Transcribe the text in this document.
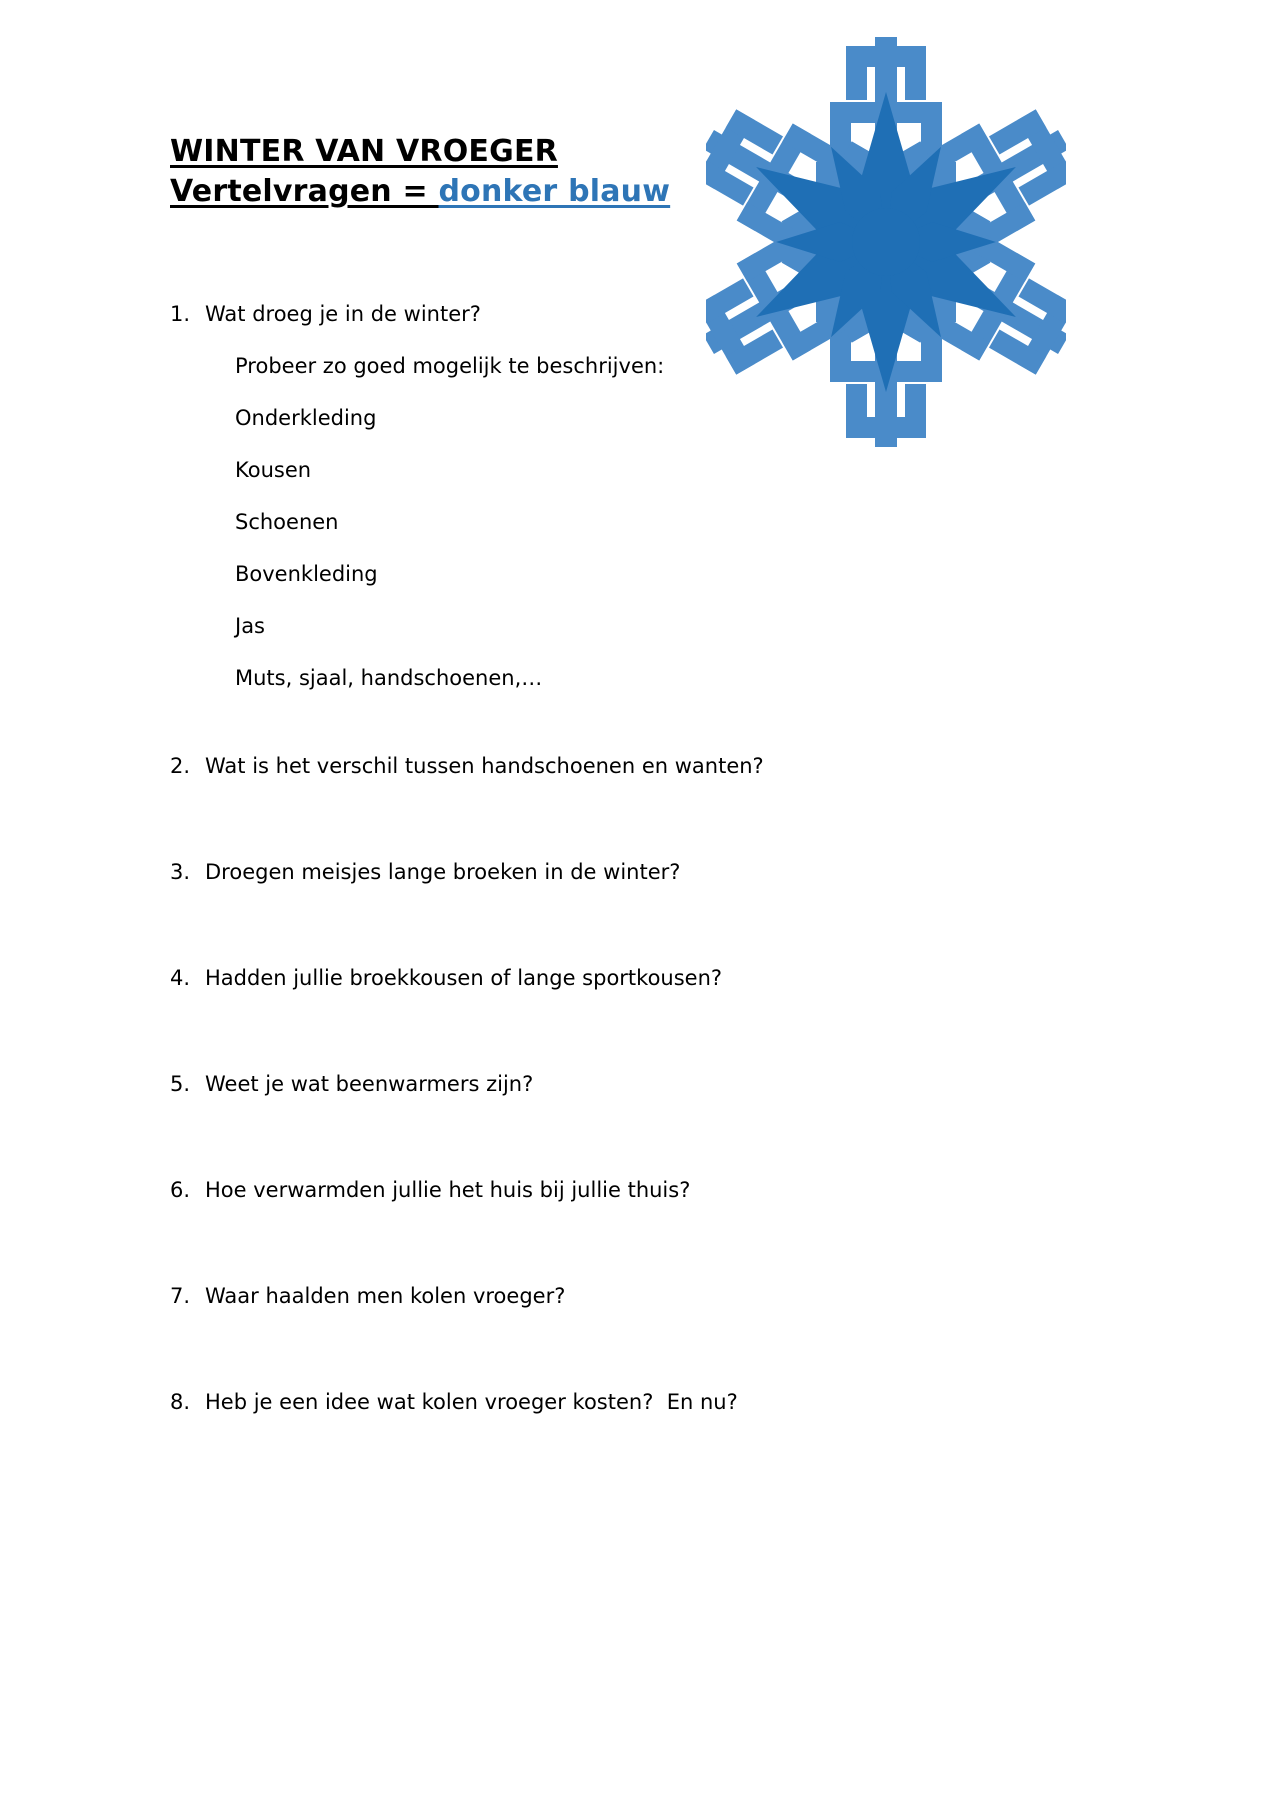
WINTER VAN VROEGER
Vertelvragen = donker blauw
1. Wat droeg je in de winter?
Probeer zo goed mogelijk te beschrijven:
Onderkleding
Kousen
Schoenen
Bovenkleding
Jas
Muts, sjaal, handschoenen,…
2. Wat is het verschil tussen handschoenen en wanten?
3. Droegen meisjes lange broeken in de winter?
4. Hadden jullie broekkousen of lange sportkousen?
5. Weet je wat beenwarmers zijn?
6. Hoe verwarmden jullie het huis bij jullie thuis?
7. Waar haalden men kolen vroeger?
8. Heb je een idee wat kolen vroeger kosten?  En nu?
